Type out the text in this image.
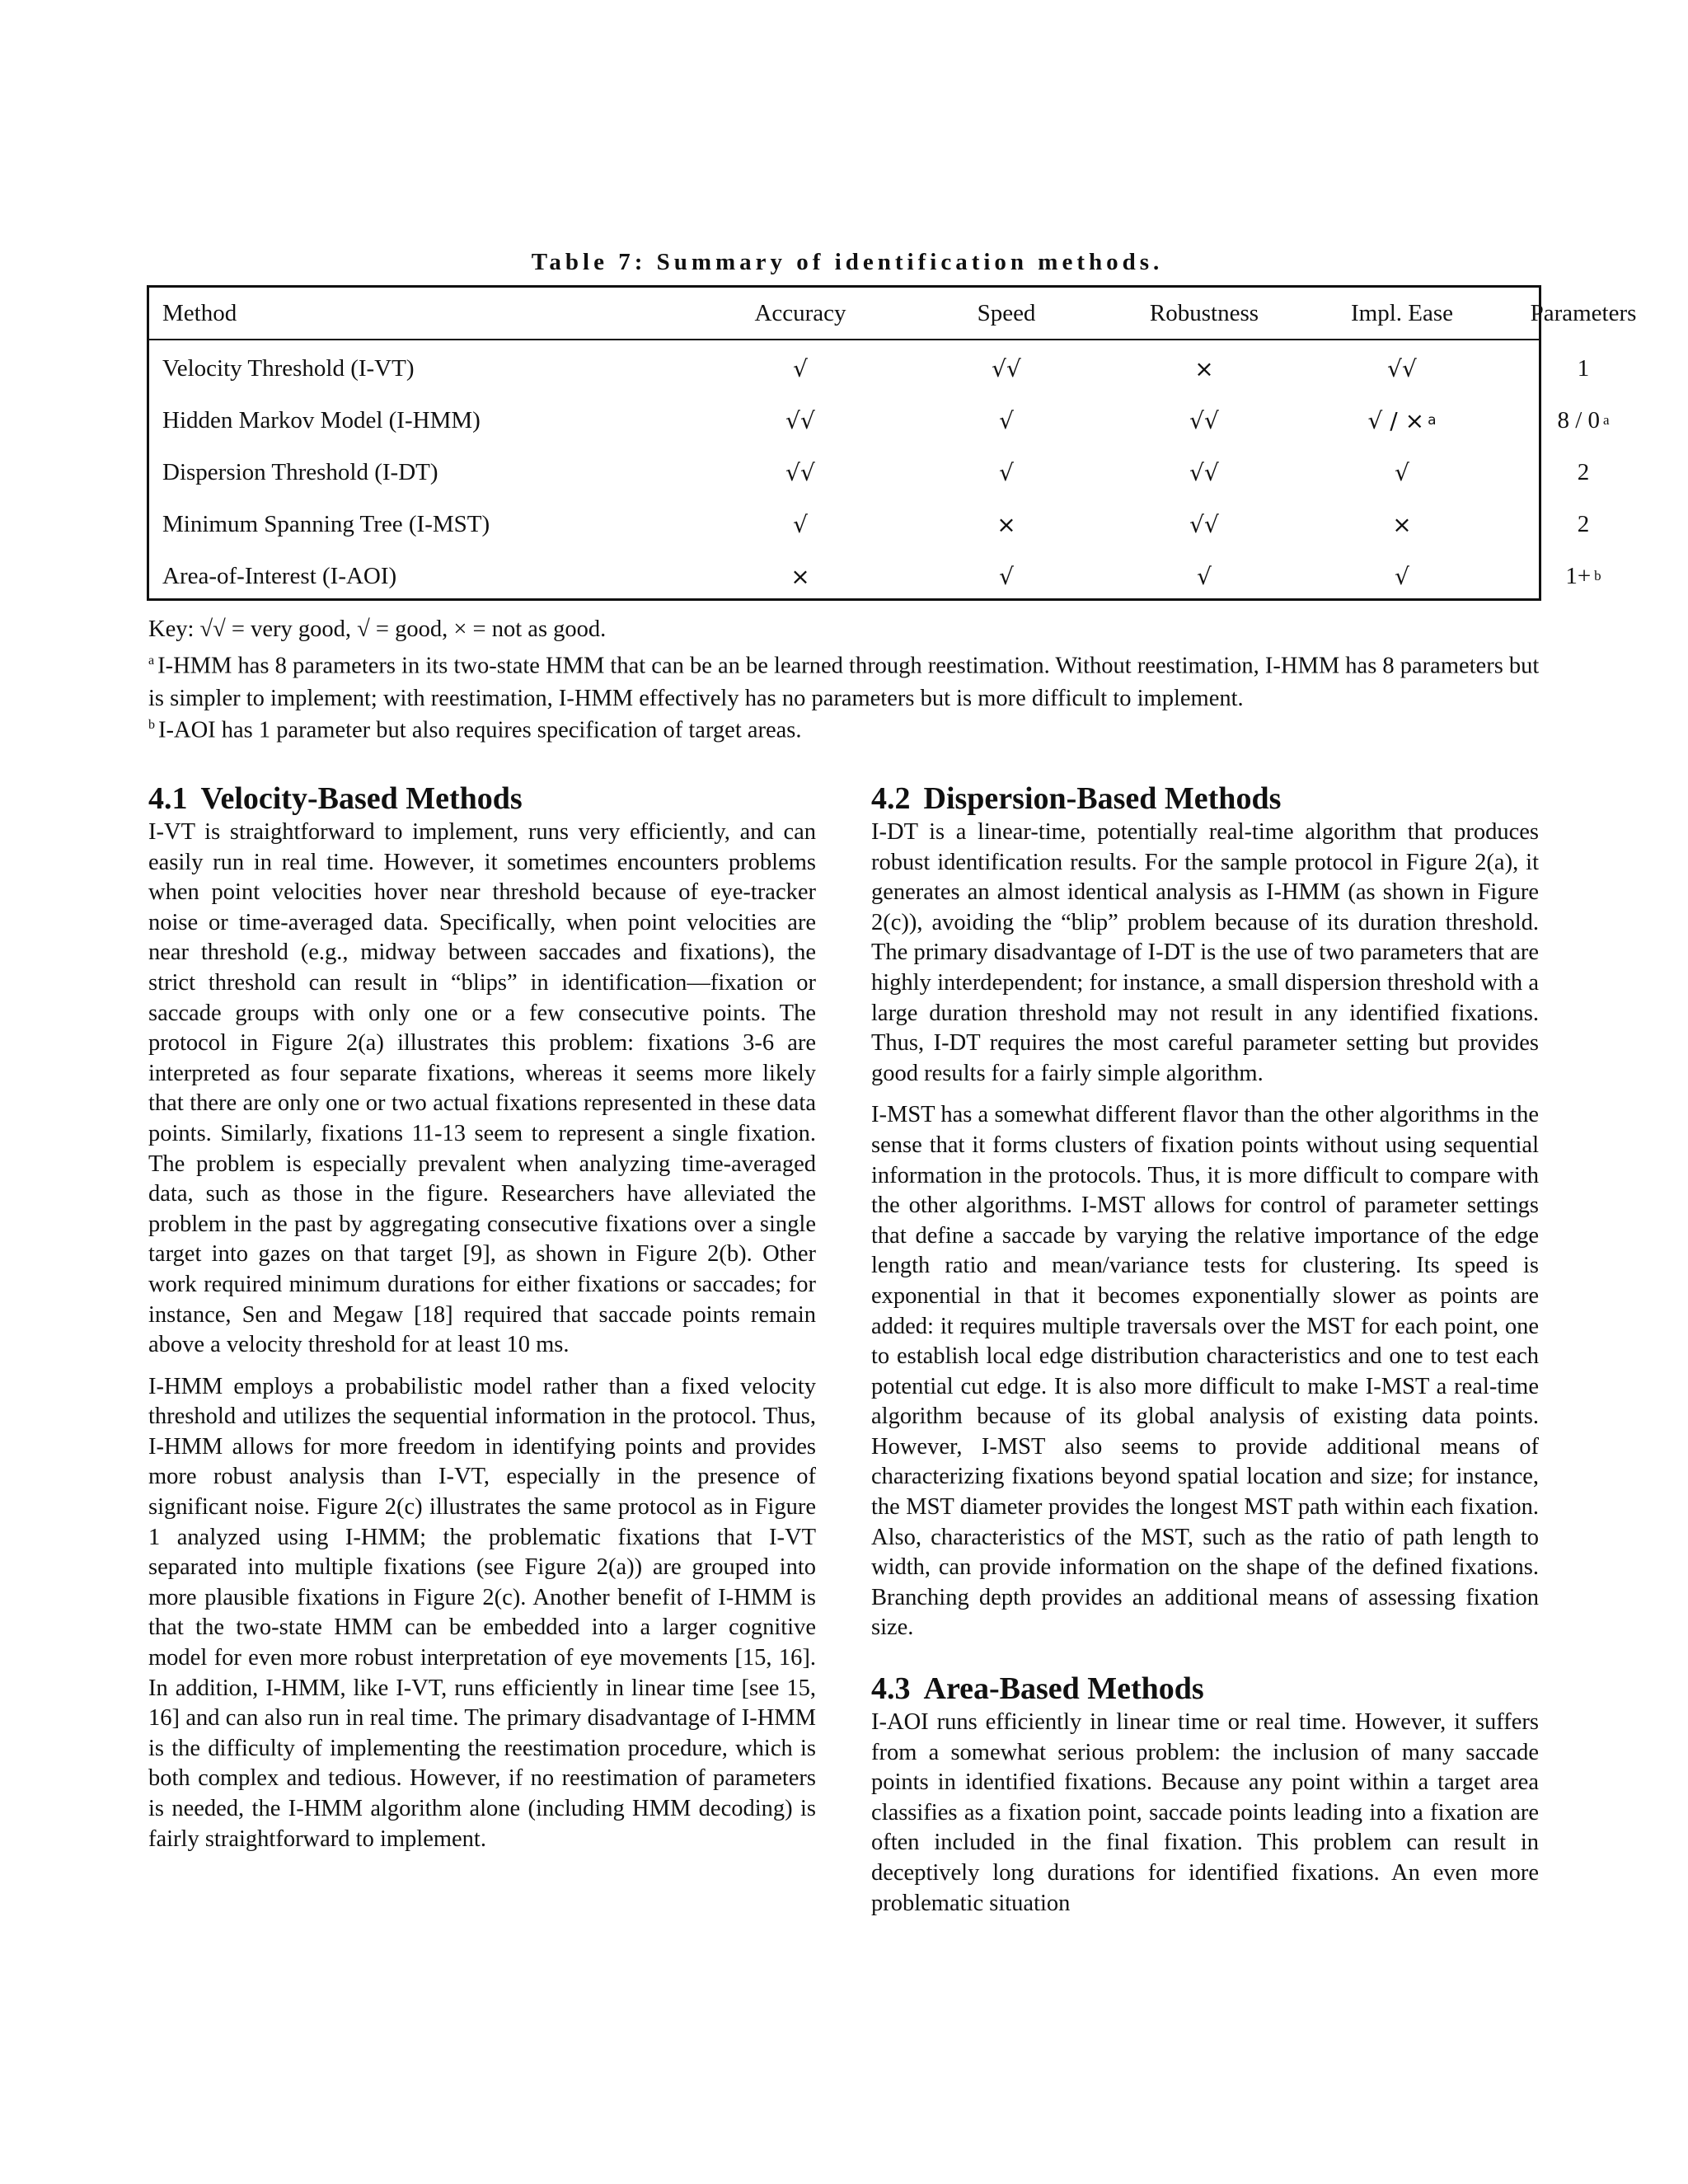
Table 7: Summary of identification methods.
Method	Accuracy	Speed	Robustness	Impl. Ease	Parameters
Velocity Threshold (I-VT)	√	√√	×	√√	1
Hidden Markov Model (I-HMM)	√√	√	√√	√ / × a	8 / 0 a
Dispersion Threshold (I-DT)	√√	√	√√	√	2
Minimum Spanning Tree (I-MST)	√	×	√√	×	2
Area-of-Interest (I-AOI)	×	√	√	√	1+ b
Key: √√ = very good, √ = good, × = not as good.
$^a$ I-HMM has 8 parameters in its two-state HMM that can be an be learned through reestimation. Without reestimation, I-HMM has 8 parameters but is simpler to implement; with reestimation, I-HMM effectively has no parameters but is more difficult to implement.
$^b$ I-AOI has 1 parameter but also requires specification of target areas.
4.1 Velocity-Based Methods

I-VT is straightforward to implement, runs very efficiently, and can easily run in real time. However, it sometimes encounters problems when point velocities hover near threshold because of eye-tracker noise or time-averaged data. Specifically, when point velocities are near threshold (e.g., midway between saccades and fixations), the strict threshold can result in “blips” in identification—fixation or saccade groups with only one or a few consecutive points. The protocol in Figure 2(a) illustrates this problem: fixations 3-6 are interpreted as four separate fixations, whereas it seems more likely that there are only one or two actual fixations represented in these data points. Similarly, fixations 11-13 seem to represent a single fixation. The problem is especially prevalent when analyzing time-averaged data, such as those in the figure. Researchers have alleviated the problem in the past by aggregating consecutive fixations over a single target into gazes on that target [9], as shown in Figure 2(b). Other work required minimum durations for either fixations or saccades; for instance, Sen and Megaw [18] required that saccade points remain above a velocity threshold for at least 10 ms.

I-HMM employs a probabilistic model rather than a fixed velocity threshold and utilizes the sequential information in the protocol. Thus, I-HMM allows for more freedom in identifying points and provides more robust analysis than I-VT, especially in the presence of significant noise. Figure 2(c) illustrates the same protocol as in Figure 1 analyzed using I-HMM; the problematic fixations that I-VT separated into multiple fixations (see Figure 2(a)) are grouped into more plausible fixations in Figure 2(c). Another benefit of I-HMM is that the two-state HMM can be embedded into a larger cognitive model for even more robust interpretation of eye movements [15, 16]. In addition, I-HMM, like I-VT, runs efficiently in linear time [see 15, 16] and can also run in real time. The primary disadvantage of I-HMM is the difficulty of implementing the reestimation procedure, which is both complex and tedious. However, if no reestimation of parameters is needed, the I-HMM algorithm alone (including HMM decoding) is fairly straightforward to implement.

4.2 Dispersion-Based Methods

I-DT is a linear-time, potentially real-time algorithm that produces robust identification results. For the sample protocol in Figure 2(a), it generates an almost identical analysis as I-HMM (as shown in Figure 2(c)), avoiding the “blip” problem because of its duration threshold. The primary disadvantage of I-DT is the use of two parameters that are highly interdependent; for instance, a small dispersion threshold with a large duration threshold may not result in any identified fixations. Thus, I-DT requires the most careful parameter setting but provides good results for a fairly simple algorithm.

I-MST has a somewhat different flavor than the other algorithms in the sense that it forms clusters of fixation points without using sequential information in the protocols. Thus, it is more difficult to compare with the other algorithms. I-MST allows for control of parameter settings that define a saccade by varying the relative importance of the edge length ratio and mean/variance tests for clustering. Its speed is exponential in that it becomes exponentially slower as points are added: it requires multiple traversals over the MST for each point, one to establish local edge distribution characteristics and one to test each potential cut edge. It is also more difficult to make I-MST a real-time algorithm because of its global analysis of existing data points. However, I-MST also seems to provide additional means of characterizing fixations beyond spatial location and size; for instance, the MST diameter provides the longest MST path within each fixation. Also, characteristics of the MST, such as the ratio of path length to width, can provide information on the shape of the defined fixations. Branching depth provides an additional means of assessing fixation size.

4.3 Area-Based Methods

I-AOI runs efficiently in linear time or real time. However, it suffers from a somewhat serious problem: the inclusion of many saccade points in identified fixations. Because any point within a target area classifies as a fixation point, saccade points leading into a fixation are often included in the final fixation. This problem can result in deceptively long durations for identified fixations. An even more problematic situation
